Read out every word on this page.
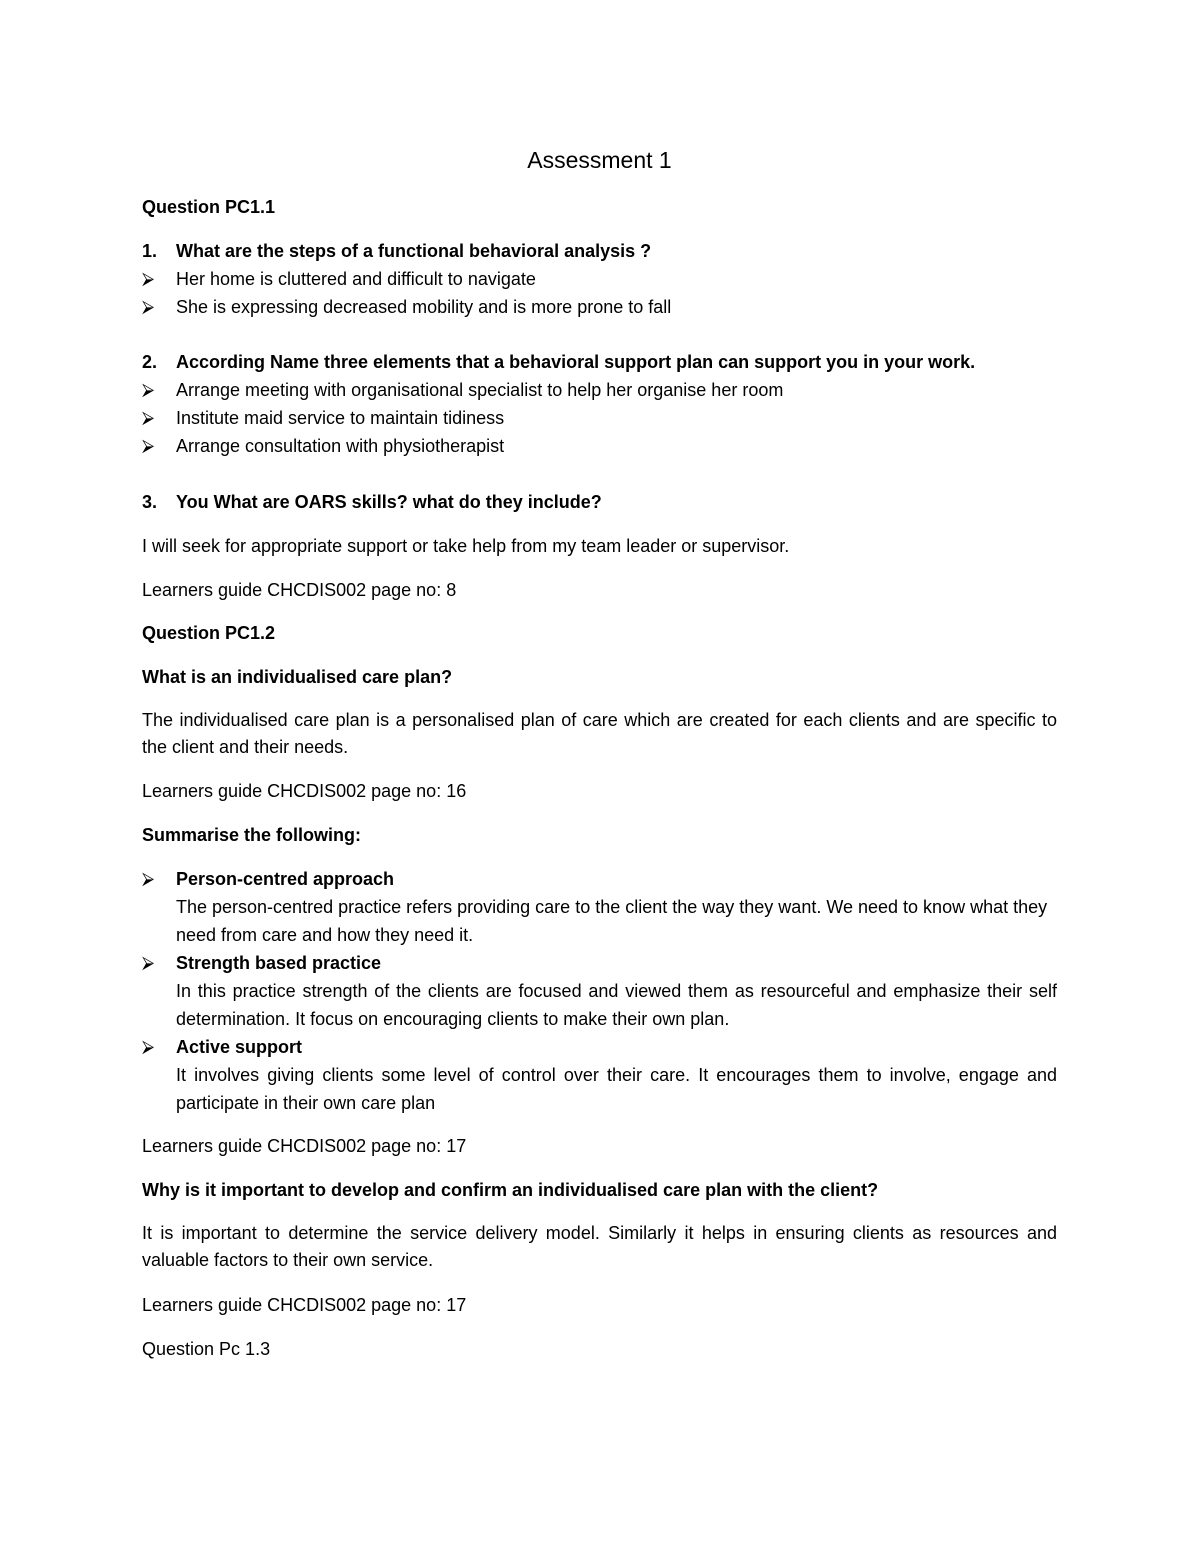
Assessment 1

Question PC1.1

1. What are the steps of a functional behavioral analysis ?
⮚ Her home is cluttered and difficult to navigate
⮚ She is expressing decreased mobility and is more prone to fall
2. According Name three elements that a behavioral support plan can support you in your work.
⮚ Arrange meeting with organisational specialist to help her organise her room
⮚ Institute maid service to maintain tidiness
⮚ Arrange consultation with physiotherapist
3. You What are OARS skills? what do they include?

I will seek for appropriate support or take help from my team leader or supervisor.

Learners guide CHCDIS002 page no: 8

Question PC1.2

What is an individualised care plan?

The individualised care plan is a personalised plan of care which are created for each clients and are specific to the client and their needs.

Learners guide CHCDIS002 page no: 16

Summarise the following:

⮚ Person-centred approach
The person-centred practice refers providing care to the client the way they want. We need to know what they need from care and how they need it.
⮚ Strength based practice
In this practice strength of the clients are focused and viewed them as resourceful and emphasize their self determination. It focus on encouraging clients to make their own plan.
⮚ Active support
It involves giving clients some level of control over their care. It encourages them to involve, engage and participate in their own care plan

Learners guide CHCDIS002 page no: 17

Why is it important to develop and confirm an individualised care plan with the client?

It is important to determine the service delivery model. Similarly it helps in ensuring clients as resources and valuable factors to their own service.

Learners guide CHCDIS002 page no: 17

Question Pc 1.3
